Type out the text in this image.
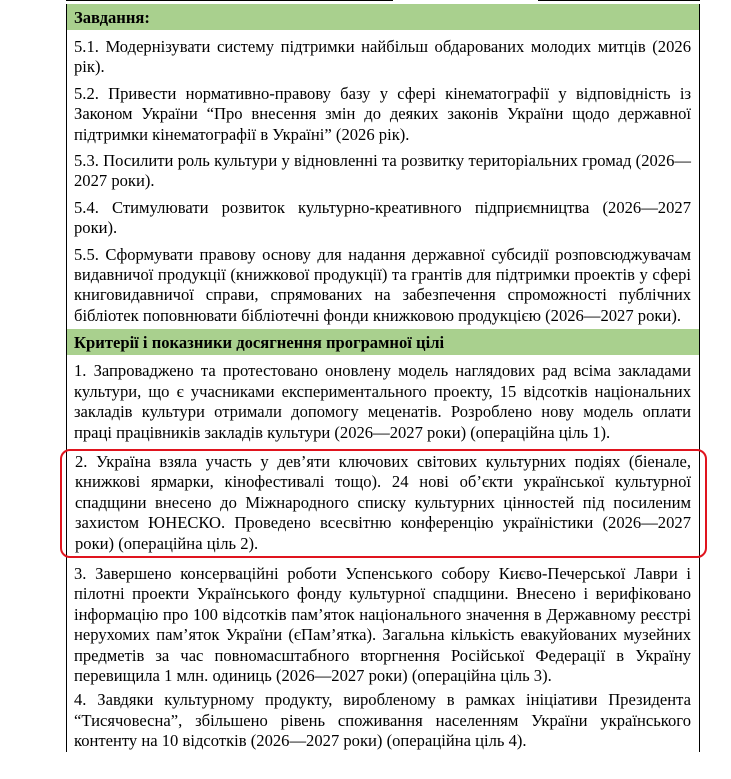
Завдання:

5.1. Модернізувати систему підтримки найбільш обдарованих молодих митців (2026 рік).

5.2. Привести нормативно-правову базу у сфері кінематографії у відповідність із Законом України “Про внесення змін до деяких законів України щодо державної підтримки кінематографії в Україні” (2026 рік).

5.3. Посилити роль культури у відновленні та розвитку територіальних громад (2026—2027 роки).

5.4. Стимулювати розвиток культурно-креативного підприємництва (2026—2027 роки).

5.5. Сформувати правову основу для надання державної субсидії розповсюджувачам видавничої продукції (книжкової продукції) та грантів для підтримки проектів у сфері книговидавничої справи, спрямованих на забезпечення спроможності публічних бібліотек поповнювати бібліотечні фонди книжковою продукцією (2026—2027 роки).

Критерії і показники досягнення програмної цілі

1. Запроваджено та протестовано оновлену модель наглядових рад всіма закладами культури, що є учасниками експериментального проекту, 15 відсотків національних закладів культури отримали допомогу меценатів. Розроблено нову модель оплати праці працівників закладів культури (2026—2027 роки) (операційна ціль 1).

2. Україна взяла участь у дев’яти ключових світових культурних подіях (біенале, книжкові ярмарки, кінофестивалі тощо). 24 нові об’єкти української культурної спадщини внесено до Міжнародного списку культурних цінностей під посиленим захистом ЮНЕСКО. Проведено всесвітню конференцію україністики (2026—2027 роки) (операційна ціль 2).

3. Завершено консерваційні роботи Успенського собору Києво-Печерської Лаври і пілотні проекти Українського фонду культурної спадщини. Внесено і верифіковано інформацію про 100 відсотків пам’яток національного значення в Державному реєстрі нерухомих пам’яток України (єПам’ятка). Загальна кількість евакуйованих музейних предметів за час повномасштабного вторгнення Російської Федерації в Україну перевищила 1 млн. одиниць (2026—2027 роки) (операційна ціль 3).

4. Завдяки культурному продукту, виробленому в рамках ініціативи Президента “Тисячовесна”, збільшено рівень споживання населенням України українського контенту на 10 відсотків (2026—2027 роки) (операційна ціль 4).
